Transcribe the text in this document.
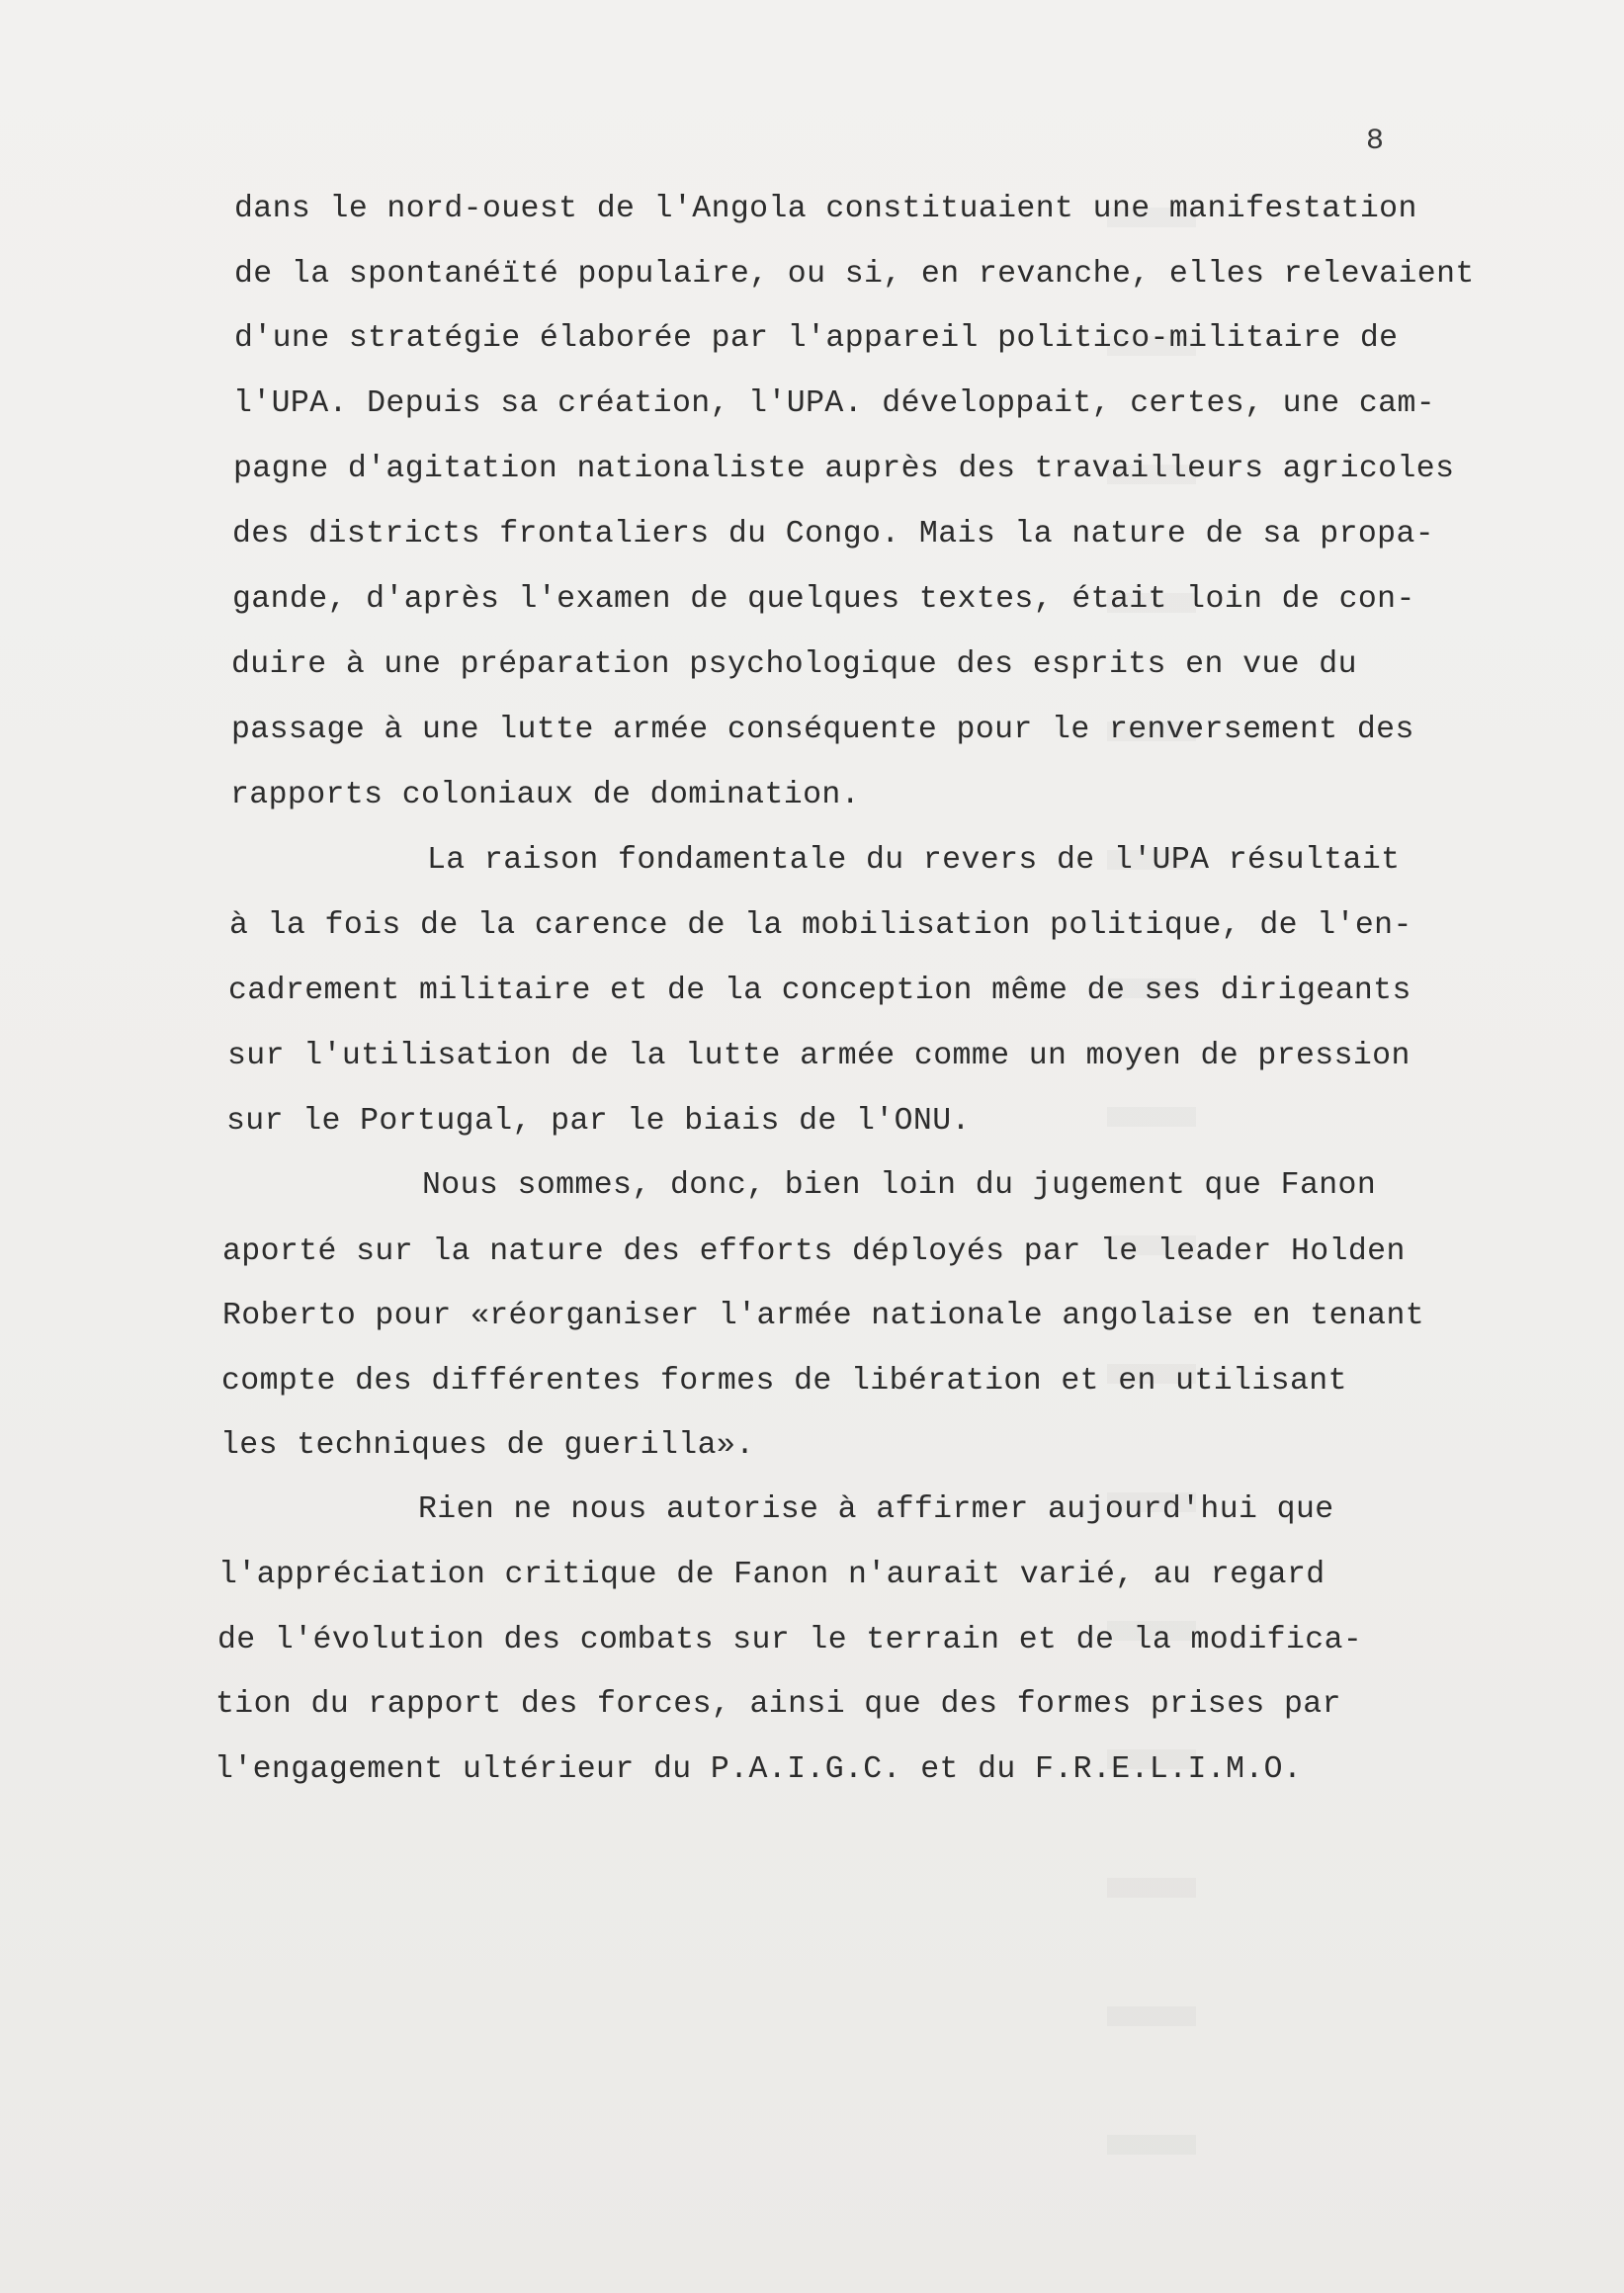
8
dans le nord-ouest de l'Angola constituaient une manifestation
de la spontanéïté populaire, ou si, en revanche, elles relevaient
d'une stratégie élaborée par l'appareil politico-militaire de
l'UPA. Depuis sa création, l'UPA. développait, certes, une cam-
pagne d'agitation nationaliste auprès des travailleurs agricoles
des districts frontaliers du Congo. Mais la nature de sa propa-
gande, d'après l'examen de quelques textes, était loin de con-
duire à une préparation psychologique des esprits en vue du
passage à une lutte armée conséquente pour le renversement des
rapports coloniaux de domination.
La raison fondamentale du revers de l'UPA résultait
à la fois de la carence de la mobilisation politique, de l'en-
cadrement militaire et de la conception même de ses dirigeants
sur l'utilisation de la lutte armée comme un moyen de pression
sur le Portugal, par le biais de l'ONU.
Nous sommes, donc, bien loin du jugement que Fanon
aporté sur la nature des efforts déployés par le leader Holden
Roberto pour «réorganiser l'armée nationale angolaise en tenant
compte des différentes formes de libération et en utilisant
les techniques de guerilla».
Rien ne nous autorise à affirmer aujourd'hui que
l'appréciation critique de Fanon n'aurait varié, au regard
de l'évolution des combats sur le terrain et de la modifica-
tion du rapport des forces, ainsi que des formes prises par
l'engagement ultérieur du P.A.I.G.C. et du F.R.E.L.I.M.O.
